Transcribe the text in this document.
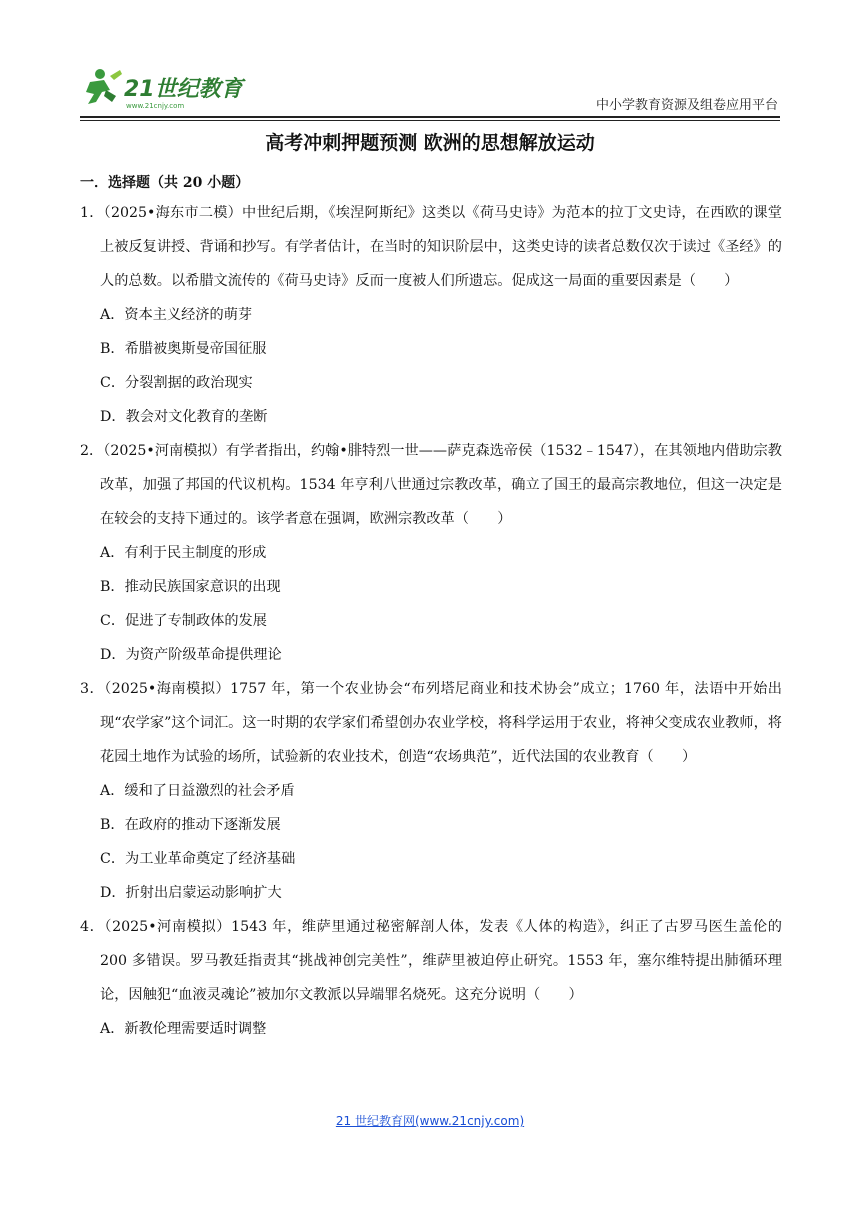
21世纪教育
www.21cnjy.com	中小学教育资源及组卷应用平台
高考冲刺押题预测 欧洲的思想解放运动
一．选择题（共 20 小题）

1．（2025•海东市二模）中世纪后期，《埃涅阿斯纪》这类以《荷马史诗》为范本的拉丁文史诗，在西欧的课堂上被反复讲授、背诵和抄写。有学者估计，在当时的知识阶层中，这类史诗的读者总数仅次于读过《圣经》的人的总数。以希腊文流传的《荷马史诗》反而一度被人们所遗忘。促成这一局面的重要因素是（　　）

A．资本主义经济的萌芽

B．希腊被奥斯曼帝国征服

C．分裂割据的政治现实

D．教会对文化教育的垄断

2．（2025•河南模拟）有学者指出，约翰•腓特烈一世——萨克森选帝侯（1532﹣1547），在其领地内借助宗教改革，加强了邦国的代议机构。1534 年亨利八世通过宗教改革，确立了国王的最高宗教地位，但这一决定是在较会的支持下通过的。该学者意在强调，欧洲宗教改革（　　）

A．有利于民主制度的形成

B．推动民族国家意识的出现

C．促进了专制政体的发展

D．为资产阶级革命提供理论

3．（2025•海南模拟）1757 年，第一个农业协会“布列塔尼商业和技术协会”成立；1760 年，法语中开始出现“农学家”这个词汇。这一时期的农学家们希望创办农业学校，将科学运用于农业，将神父变成农业教师，将花园土地作为试验的场所，试验新的农业技术，创造“农场典范”，近代法国的农业教育（　　）

A．缓和了日益激烈的社会矛盾

B．在政府的推动下逐渐发展

C．为工业革命奠定了经济基础

D．折射出启蒙运动影响扩大

4．（2025•河南模拟）1543 年，维萨里通过秘密解剖人体，发表《人体的构造》，纠正了古罗马医生盖伦的 200 多错误。罗马教廷指责其“挑战神创完美性”，维萨里被迫停止研究。1553 年，塞尔维特提出肺循环理论，因触犯“血液灵魂论”被加尔文教派以异端罪名烧死。这充分说明（　　）

A．新教伦理需要适时调整

21 世纪教育网(www.21cnjy.com)
